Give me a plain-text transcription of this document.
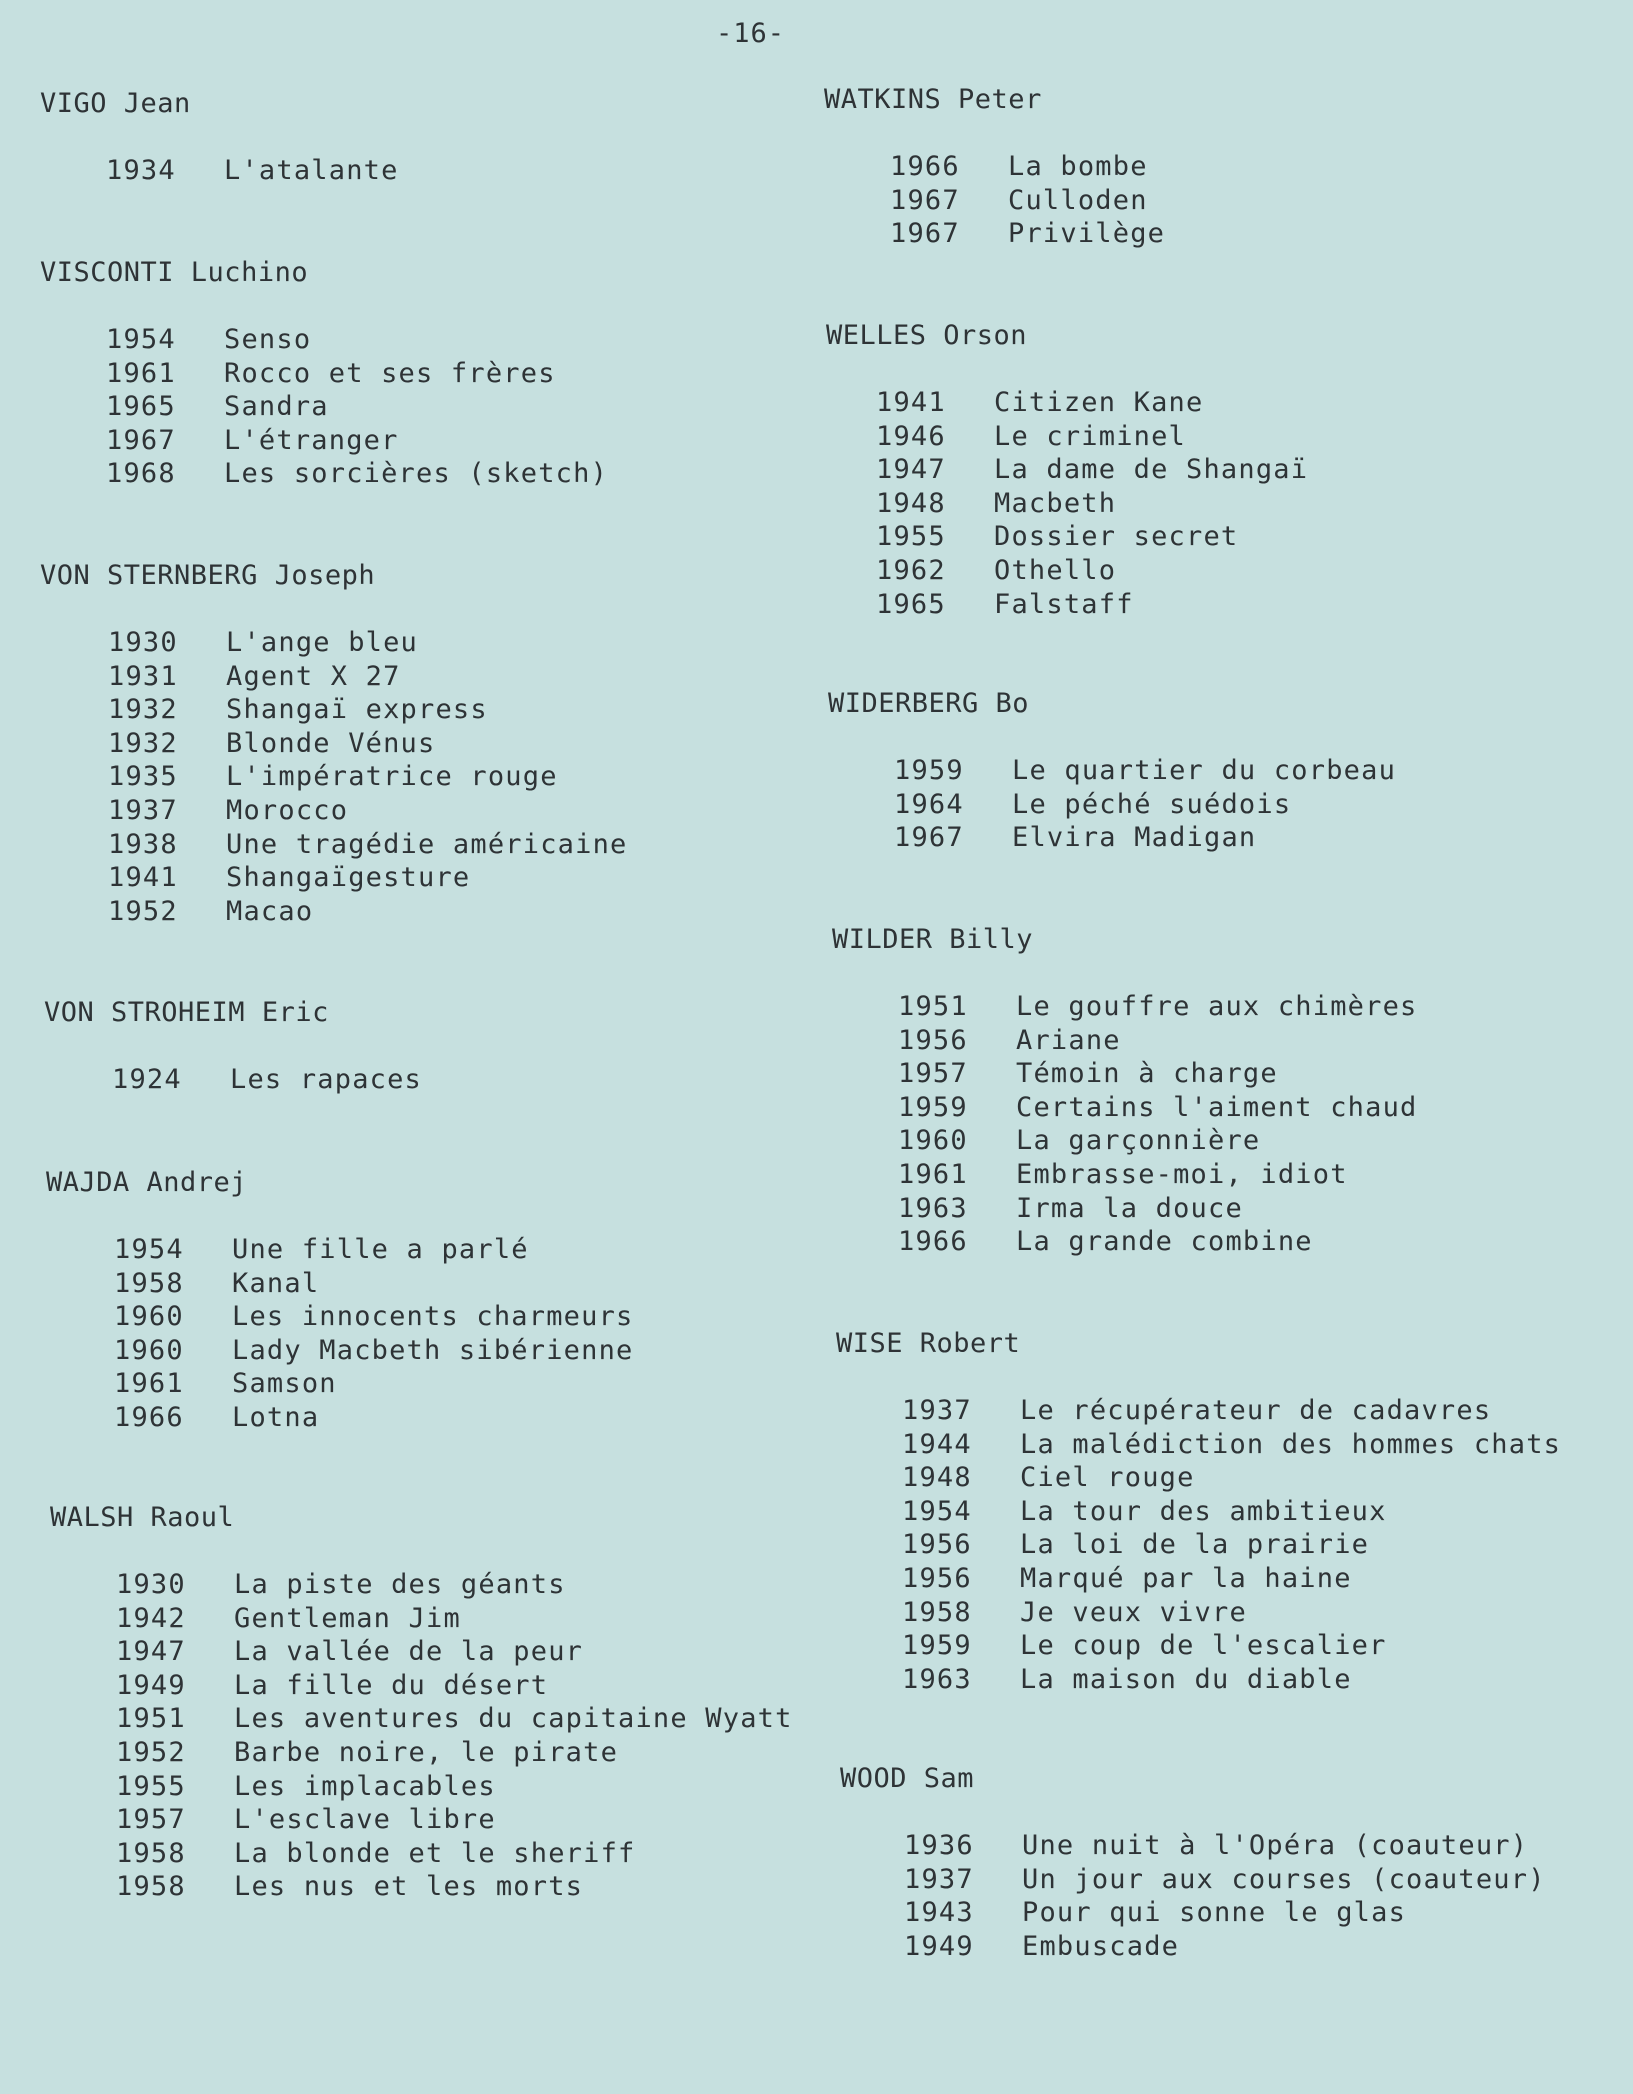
-16-
VIGO Jean
1934 L'atalante
VISCONTI Luchino
1954 Senso
1961 Rocco et ses frères
1965 Sandra
1967 L'étranger
1968 Les sorcières (sketch)
VON STERNBERG Joseph
1930 L'ange bleu
1931 Agent X 27
1932 Shangaï express
1932 Blonde Vénus
1935 L'impératrice rouge
1937 Morocco
1938 Une tragédie américaine
1941 Shangaïgesture
1952 Macao
VON STROHEIM Eric
1924 Les rapaces
WAJDA Andrej
1954 Une fille a parlé
1958 Kanal
1960 Les innocents charmeurs
1960 Lady Macbeth sibérienne
1961 Samson
1966 Lotna
WALSH Raoul
1930 La piste des géants
1942 Gentleman Jim
1947 La vallée de la peur
1949 La fille du désert
1951 Les aventures du capitaine Wyatt
1952 Barbe noire, le pirate
1955 Les implacables
1957 L'esclave libre
1958 La blonde et le sheriff
1958 Les nus et les morts
WATKINS Peter
1966 La bombe
1967 Culloden
1967 Privilège
WELLES Orson
1941 Citizen Kane
1946 Le criminel
1947 La dame de Shangaï
1948 Macbeth
1955 Dossier secret
1962 Othello
1965 Falstaff
WIDERBERG Bo
1959 Le quartier du corbeau
1964 Le péché suédois
1967 Elvira Madigan
WILDER Billy
1951 Le gouffre aux chimères
1956 Ariane
1957 Témoin à charge
1959 Certains l'aiment chaud
1960 La garçonnière
1961 Embrasse-moi, idiot
1963 Irma la douce
1966 La grande combine
WISE Robert
1937 Le récupérateur de cadavres
1944 La malédiction des hommes chats
1948 Ciel rouge
1954 La tour des ambitieux
1956 La loi de la prairie
1956 Marqué par la haine
1958 Je veux vivre
1959 Le coup de l'escalier
1963 La maison du diable
WOOD Sam
1936 Une nuit à l'Opéra (coauteur)
1937 Un jour aux courses (coauteur)
1943 Pour qui sonne le glas
1949 Embuscade
